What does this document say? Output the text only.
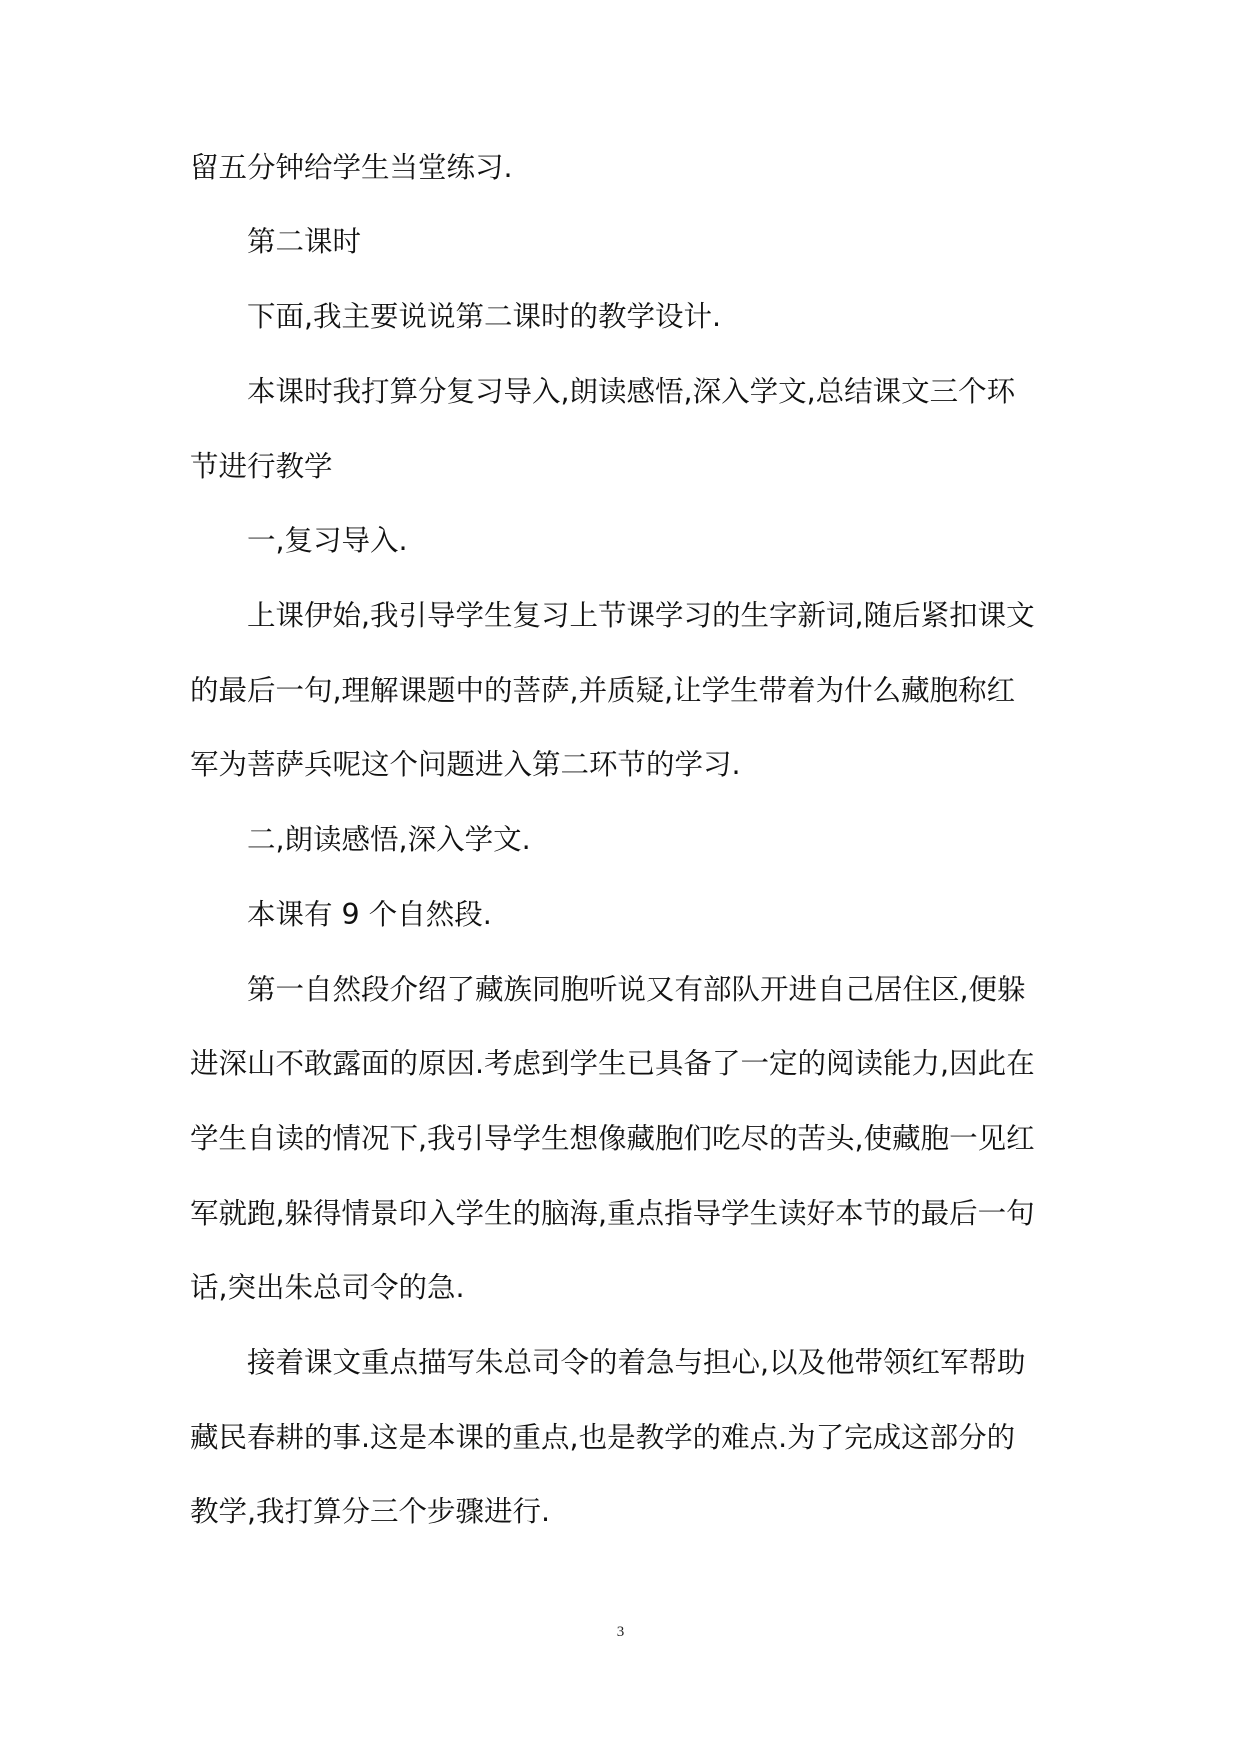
留五分钟给学生当堂练习.
第二课时
下面,我主要说说第二课时的教学设计.
本课时我打算分复习导入,朗读感悟,深入学文,总结课文三个环
节进行教学
一,复习导入.
上课伊始,我引导学生复习上节课学习的生字新词,随后紧扣课文
的最后一句,理解课题中的菩萨,并质疑,让学生带着为什么藏胞称红
军为菩萨兵呢这个问题进入第二环节的学习.
二,朗读感悟,深入学文.
本课有 9 个自然段.
第一自然段介绍了藏族同胞听说又有部队开进自己居住区,便躲
进深山不敢露面的原因.考虑到学生已具备了一定的阅读能力,因此在
学生自读的情况下,我引导学生想像藏胞们吃尽的苦头,使藏胞一见红
军就跑,躲得情景印入学生的脑海,重点指导学生读好本节的最后一句
话,突出朱总司令的急.
接着课文重点描写朱总司令的着急与担心,以及他带领红军帮助
藏民春耕的事.这是本课的重点,也是教学的难点.为了完成这部分的
教学,我打算分三个步骤进行.
3
